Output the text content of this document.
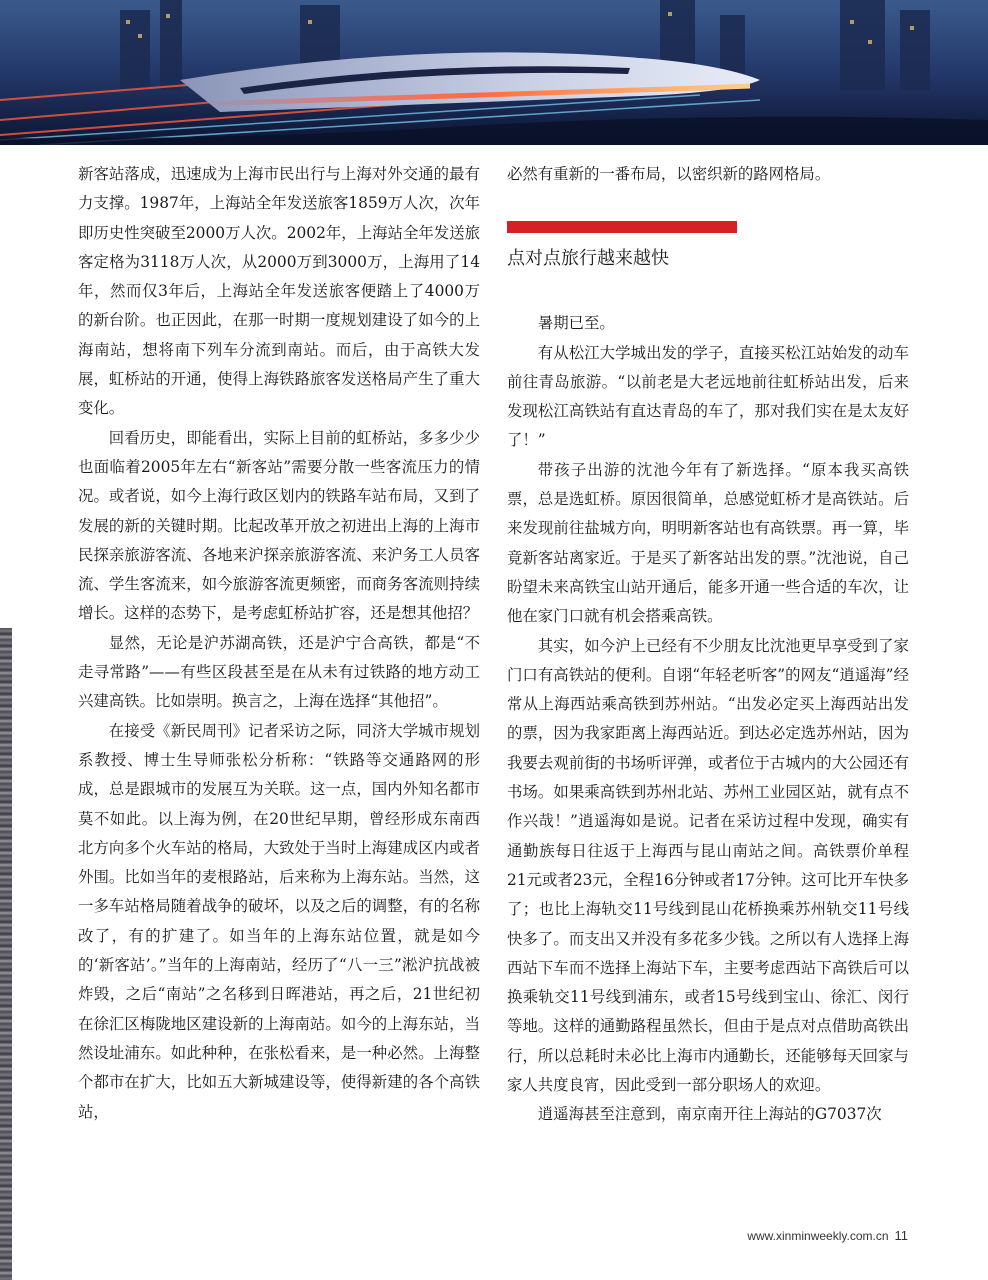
新客站落成，迅速成为上海市民出行与上海对外交通的最有力支撑。1987年，上海站全年发送旅客1859万人次，次年即历史性突破至2000万人次。2002年，上海站全年发送旅客定格为3118万人次，从2000万到3000万，上海用了14年，然而仅3年后，上海站全年发送旅客便踏上了4000万的新台阶。也正因此，在那一时期一度规划建设了如今的上海南站，想将南下列车分流到南站。而后，由于高铁大发展，虹桥站的开通，使得上海铁路旅客发送格局产生了重大变化。

回看历史，即能看出，实际上目前的虹桥站，多多少少也面临着2005年左右“新客站”需要分散一些客流压力的情况。或者说，如今上海行政区划内的铁路车站布局，又到了发展的新的关键时期。比起改革开放之初进出上海的上海市民探亲旅游客流、各地来沪探亲旅游客流、来沪务工人员客流、学生客流来，如今旅游客流更频密，而商务客流则持续增长。这样的态势下，是考虑虹桥站扩容，还是想其他招？

显然，无论是沪苏湖高铁，还是沪宁合高铁，都是“不走寻常路”——有些区段甚至是在从未有过铁路的地方动工兴建高铁。比如崇明。换言之，上海在选择“其他招”。

在接受《新民周刊》记者采访之际，同济大学城市规划系教授、博士生导师张松分析称：“铁路等交通路网的形成，总是跟城市的发展互为关联。这一点，国内外知名都市莫不如此。以上海为例，在20世纪早期，曾经形成东南西北方向多个火车站的格局，大致处于当时上海建成区内或者外围。比如当年的麦根路站，后来称为上海东站。当然，这一多车站格局随着战争的破坏，以及之后的调整，有的名称改了，有的扩建了。如当年的上海东站位置，就是如今的‘新客站’。”当年的上海南站，经历了“八一三”淞沪抗战被炸毁，之后“南站”之名移到日晖港站，再之后，21世纪初在徐汇区梅陇地区建设新的上海南站。如今的上海东站，当然设址浦东。如此种种，在张松看来，是一种必然。上海整个都市在扩大，比如五大新城建设等，使得新建的各个高铁站，

必然有重新的一番布局，以密织新的路网格局。

点对点旅行越来越快

暑期已至。

有从松江大学城出发的学子，直接买松江站始发的动车前往青岛旅游。“以前老是大老远地前往虹桥站出发，后来发现松江高铁站有直达青岛的车了，那对我们实在是太友好了！”

带孩子出游的沈池今年有了新选择。“原本我买高铁票，总是选虹桥。原因很简单，总感觉虹桥才是高铁站。后来发现前往盐城方向，明明新客站也有高铁票。再一算，毕竟新客站离家近。于是买了新客站出发的票。”沈池说，自己盼望未来高铁宝山站开通后，能多开通一些合适的车次，让他在家门口就有机会搭乘高铁。

其实，如今沪上已经有不少朋友比沈池更早享受到了家门口有高铁站的便利。自诩“年轻老听客”的网友“逍遥海”经常从上海西站乘高铁到苏州站。“出发必定买上海西站出发的票，因为我家距离上海西站近。到达必定选苏州站，因为我要去观前街的书场听评弹，或者位于古城内的大公园还有书场。如果乘高铁到苏州北站、苏州工业园区站，就有点不作兴哉！”逍遥海如是说。记者在采访过程中发现，确实有通勤族每日往返于上海西与昆山南站之间。高铁票价单程21元或者23元，全程16分钟或者17分钟。这可比开车快多了；也比上海轨交11号线到昆山花桥换乘苏州轨交11号线快多了。而支出又并没有多花多少钱。之所以有人选择上海西站下车而不选择上海站下车，主要考虑西站下高铁后可以换乘轨交11号线到浦东，或者15号线到宝山、徐汇、闵行等地。这样的通勤路程虽然长，但由于是点对点借助高铁出行，所以总耗时未必比上海市内通勤长，还能够每天回家与家人共度良宵，因此受到一部分职场人的欢迎。

逍遥海甚至注意到，南京南开往上海站的G7037次

www.xinminweekly.com.cn 11
